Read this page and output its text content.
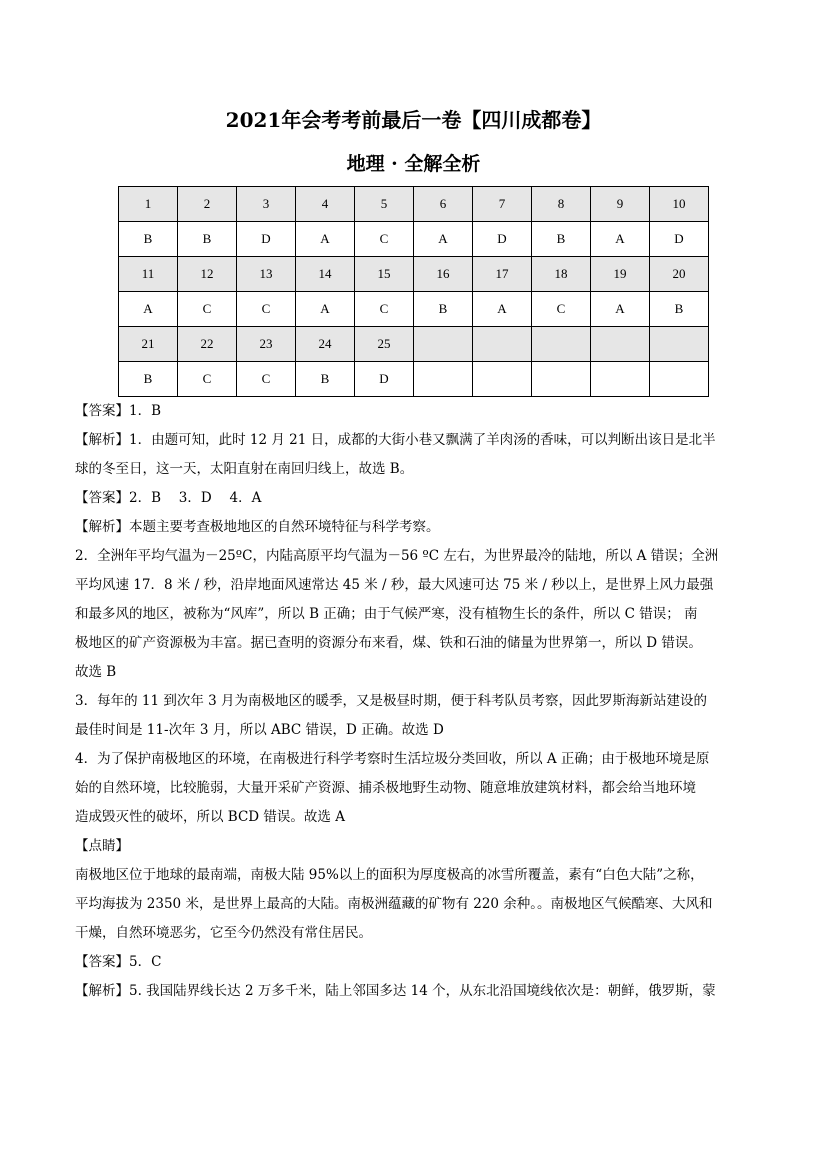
2021年会考考前最后一卷【四川成都卷】
地理 · 全解全析
1	2	3	4	5	6	7	8	9	10
B	B	D	A	C	A	D	B	A	D
11	12	13	14	15	16	17	18	19	20
A	C	C	A	C	B	A	C	A	B
21	22	23	24	25					
B	C	C	B	D					

【答案】1．B

【解析】1．由题可知，此时 12 月 21 日，成都的大街小巷又飘满了羊肉汤的香味，可以判断出该日是北半

球的冬至日，这一天，太阳直射在南回归线上，故选 B。

【答案】2．B　 3．D　 4．A

【解析】本题主要考查极地地区的自然环境特征与科学考察。

2．全洲年平均气温为－25ºC，内陆高原平均气温为－56 ºC 左右，为世界最冷的陆地，所以 A 错误；全洲

平均风速 17．8 米 / 秒，沿岸地面风速常达 45 米 / 秒，最大风速可达 75 米 / 秒以上，是世界上风力最强

和最多风的地区，被称为“风库”，所以 B 正确；由于气候严寒，没有植物生长的条件，所以 C 错误； 南

极地区的矿产资源极为丰富。据已查明的资源分布来看，煤、铁和石油的储量为世界第一，所以 D 错误。

故选 B

3．每年的 11 到次年 3 月为南极地区的暖季，又是极昼时期，便于科考队员考察，因此罗斯海新站建设的

最佳时间是 11-次年 3 月，所以 ABC 错误，D 正确。故选 D

4．为了保护南极地区的环境，在南极进行科学考察时生活垃圾分类回收，所以 A 正确；由于极地环境是原

始的自然环境，比较脆弱，大量开采矿产资源、捕杀极地野生动物、随意堆放建筑材料，都会给当地环境

造成毁灭性的破坏，所以 BCD 错误。故选 A

【点睛】

南极地区位于地球的最南端，南极大陆 95%以上的面积为厚度极高的冰雪所覆盖，素有“白色大陆”之称，

平均海拔为 2350 米，是世界上最高的大陆。南极洲蕴藏的矿物有 220 余种。。南极地区气候酷寒、大风和

干燥，自然环境恶劣，它至今仍然没有常住居民。

【答案】5．C

【解析】5. 我国陆界线长达 2 万多千米，陆上邻国多达 14 个，从东北沿国境线依次是：朝鲜，俄罗斯，蒙
